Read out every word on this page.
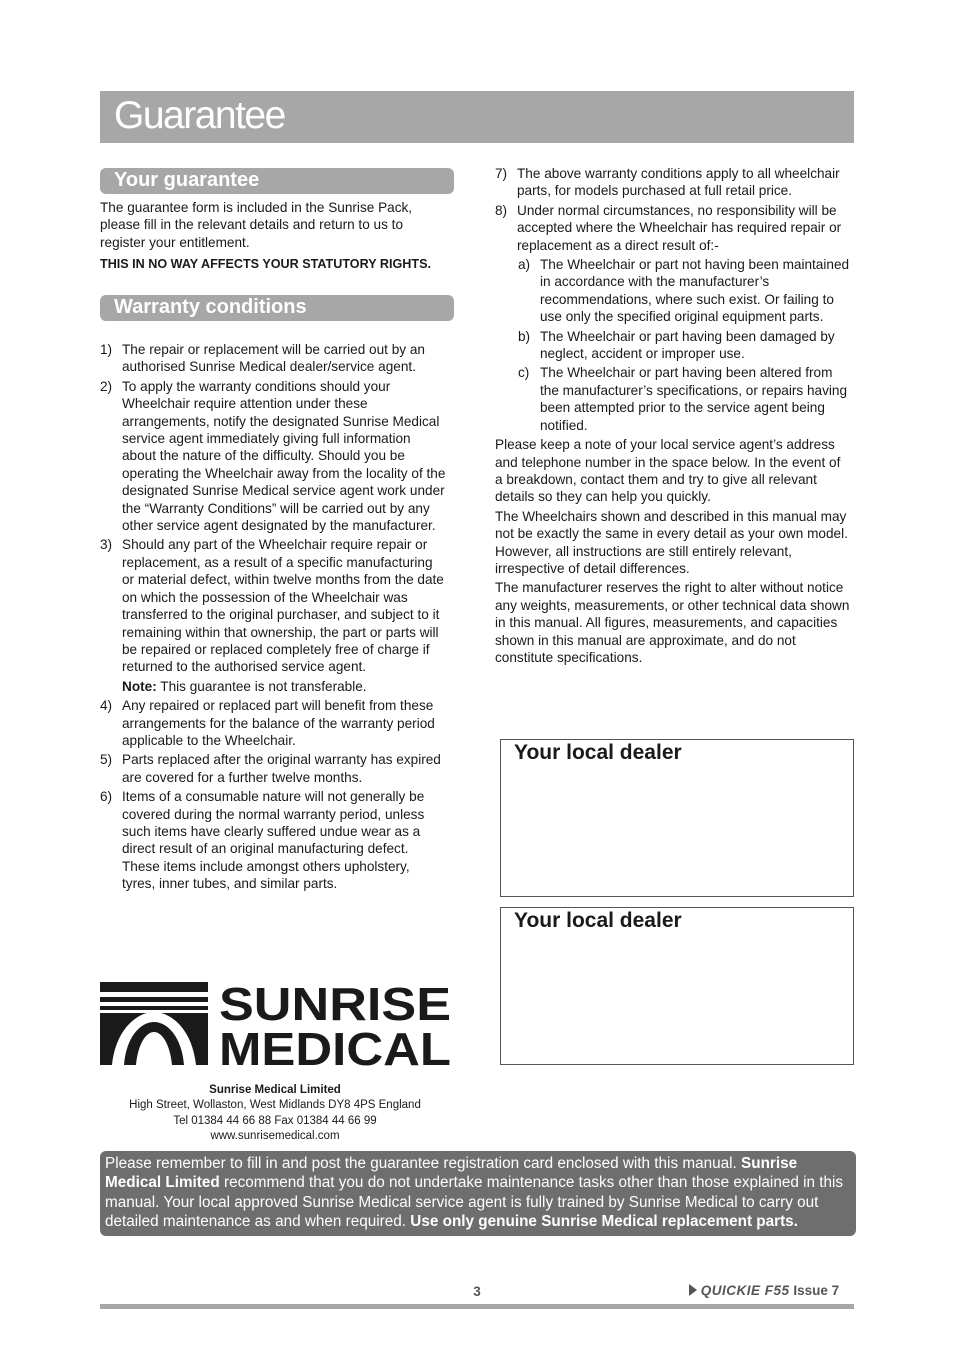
Guarantee
Your guarantee

The guarantee form is included in the Sunrise Pack, please fill in the relevant details and return to us to register your entitlement.

THIS IN NO WAY AFFECTS YOUR STATUTORY RIGHTS.

Warranty conditions
1) The repair or replacement will be carried out by an authorised Sunrise Medical dealer/service agent.
2) To apply the warranty conditions should your Wheelchair require attention under these arrangements, notify the designated Sunrise Medical service agent immediately giving full information about the nature of the difficulty. Should you be operating the Wheelchair away from the locality of the designated Sunrise Medical service agent work under the “Warranty Conditions” will be carried out by any other service agent designated by the manufacturer.
3) Should any part of the Wheelchair require repair or replacement, as a result of a specific manufacturing or material defect, within twelve months from the date on which the possession of the Wheelchair was transferred to the original purchaser, and subject to it remaining within that ownership, the part or parts will be repaired or replaced completely free of charge if returned to the authorised service agent.
Note: This guarantee is not transferable.
4) Any repaired or replaced part will benefit from these arrangements for the balance of the warranty period applicable to the Wheelchair.
5) Parts replaced after the original warranty has expired are covered for a further twelve months.
6) Items of a consumable nature will not generally be covered during the normal warranty period, unless such items have clearly suffered undue wear as a direct result of an original manufacturing defect. These items include amongst others upholstery, tyres, inner tubes, and similar parts.
7) The above warranty conditions apply to all wheelchair parts, for models purchased at full retail price.
8) Under normal circumstances, no responsibility will be accepted where the Wheelchair has required repair or replacement as a direct result of:-
a) The Wheelchair or part not having been maintained in accordance with the manufacturer’s recommendations, where such exist. Or failing to use only the specified original equipment parts.
b) The Wheelchair or part having been damaged by neglect, accident or improper use.
c) The Wheelchair or part having been altered from the manufacturer’s specifications, or repairs having been attempted prior to the service agent being notified.

Please keep a note of your local service agent’s address and telephone number in the space below. In the event of a breakdown, contact them and try to give all relevant details so they can help you quickly.

The Wheelchairs shown and described in this manual may not be exactly the same in every detail as your own model. However, all instructions are still entirely relevant, irrespective of detail differences.

The manufacturer reserves the right to alter without notice any weights, measurements, or other technical data shown in this manual. All figures, measurements, and capacities shown in this manual are approximate, and do not constitute specifications.

Your local dealer
Your local dealer
SUNRISE
MEDICAL
Sunrise Medical Limited
High Street, Wollaston, West Midlands DY8 4PS England
Tel 01384 44 66 88 Fax 01384 44 66 99
www.sunrisemedical.com

Please remember to fill in and post the guarantee registration card enclosed with this manual. Sunrise Medical Limited recommend that you do not undertake maintenance tasks other than those explained in this manual. Your local approved Sunrise Medical service agent is fully trained by Sunrise Medical to carry out detailed maintenance as and when required. Use only genuine Sunrise Medical replacement parts.

3	QUICKIE F55 Issue 7
